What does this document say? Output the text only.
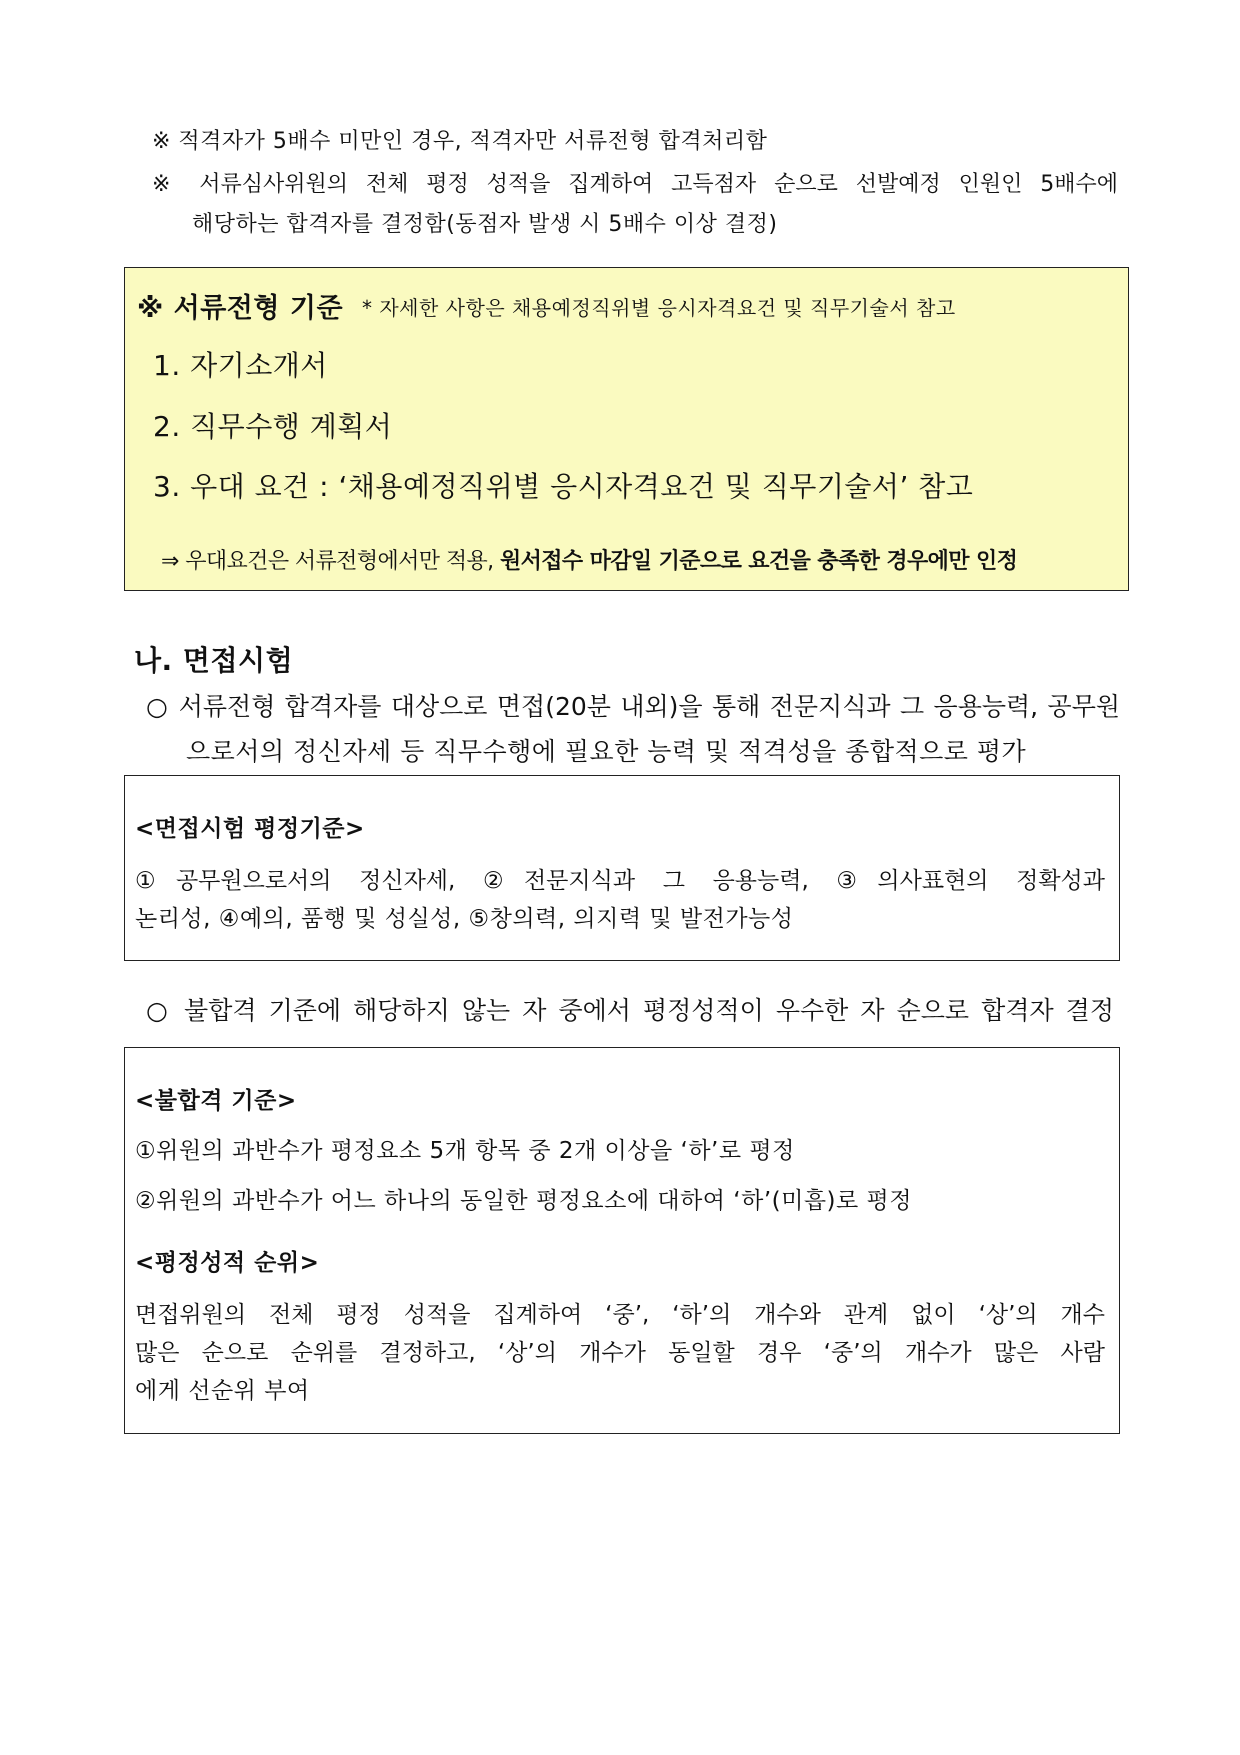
※ 적격자가 5배수 미만인 경우, 적격자만 서류전형 합격처리함
※ 서류심사위원의 전체 평정 성적을 집계하여 고득점자 순으로 선발예정 인원인 5배수에
해당하는 합격자를 결정함(동점자 발생 시 5배수 이상 결정)
※ 서류전형 기준 * 자세한 사항은 채용예정직위별 응시자격요건 및 직무기술서 참고
1. 자기소개서
2. 직무수행 계획서
3. 우대 요건 : ‘채용예정직위별 응시자격요건 및 직무기술서’ 참고
⇒ 우대요건은 서류전형에서만 적용, 원서접수 마감일 기준으로 요건을 충족한 경우에만 인정
나. 면접시험
○ 서류전형 합격자를 대상으로 면접(20분 내외)을 통해 전문지식과 그 응용능력, 공무원
으로서의 정신자세 등 직무수행에 필요한 능력 및 적격성을 종합적으로 평가
<면접시험 평정기준>
①공무원으로서의 정신자세, ②전문지식과 그 응용능력, ③의사표현의 정확성과
논리성, ④예의, 품행 및 성실성, ⑤창의력, 의지력 및 발전가능성
○ 불합격 기준에 해당하지 않는 자 중에서 평정성적이 우수한 자 순으로 합격자 결정
<불합격 기준>
①위원의 과반수가 평정요소 5개 항목 중 2개 이상을 ‘하’로 평정
②위원의 과반수가 어느 하나의 동일한 평정요소에 대하여 ‘하’(미흡)로 평정
<평정성적 순위>
면접위원의 전체 평정 성적을 집계하여 ‘중’, ‘하’의 개수와 관계 없이 ‘상’의 개수
많은 순으로 순위를 결정하고, ‘상’의 개수가 동일할 경우 ‘중’의 개수가 많은 사람
에게 선순위 부여
